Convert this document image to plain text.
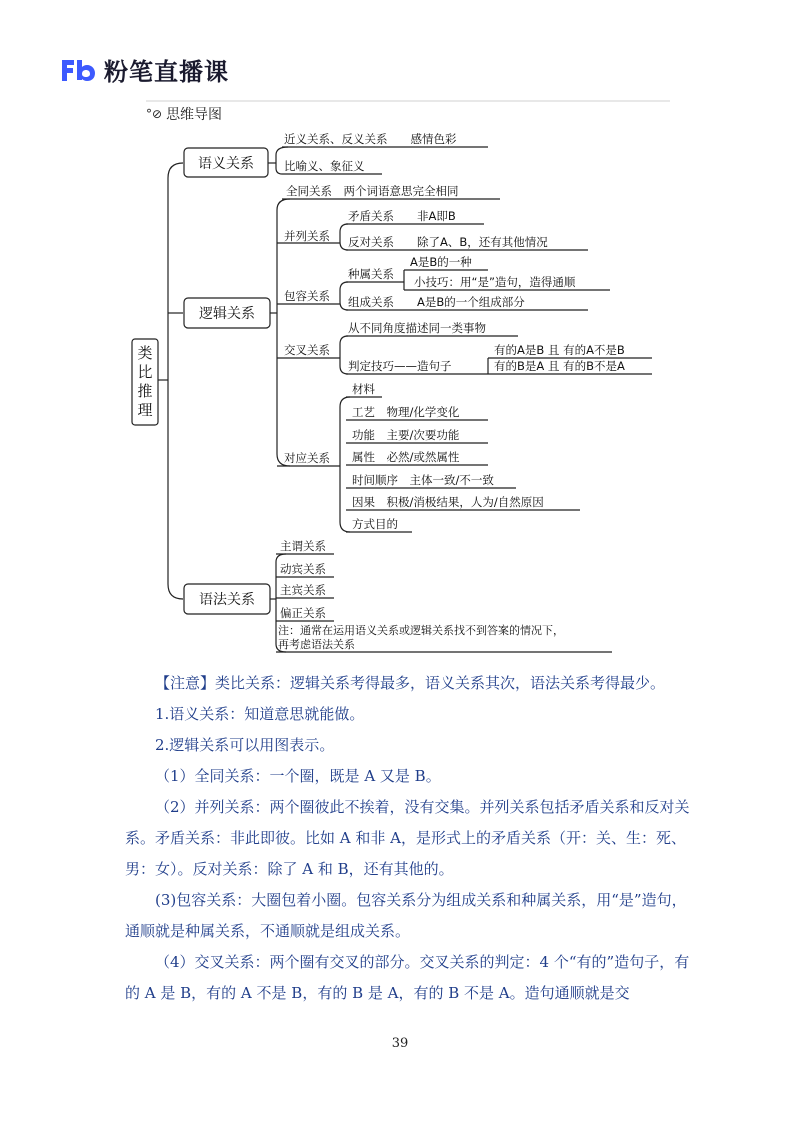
粉笔直播课
°⊘ 思维导图
类
比
推
理
语义关系
逻辑关系
语法关系
近义关系、反义关系　　感情色彩
比喻义、象征义
全同关系　两个词语意思完全相同
并列关系
矛盾关系　　非A即B
反对关系　　除了A、B，还有其他情况
包容关系
种属关系
A是B的一种
小技巧：用“是”造句，造得通顺
组成关系　　A是B的一个组成部分
交叉关系
从不同角度描述同一类事物
判定技巧——造句子
有的A是B 且 有的A不是B
有的B是A 且 有的B不是A
对应关系
材料
工艺　物理/化学变化
功能　主要/次要功能
属性　必然/或然属性
时间顺序　主体一致/不一致
因果　积极/消极结果，人为/自然原因
方式目的
主谓关系
动宾关系
主宾关系
偏正关系
注：通常在运用语义关系或逻辑关系找不到答案的情况下，
再考虑语法关系

【注意】类比关系：逻辑关系考得最多，语义关系其次，语法关系考得最少。

1.语义关系：知道意思就能做。

2.逻辑关系可以用图表示。

（1）全同关系：一个圈，既是 A 又是 B。

（2）并列关系：两个圈彼此不挨着，没有交集。并列关系包括矛盾关系和反对关系。矛盾关系：非此即彼。比如 A 和非 A，是形式上的矛盾关系（开：关、生：死、男：女）。反对关系：除了 A 和 B，还有其他的。

(3)包容关系：大圈包着小圈。包容关系分为组成关系和种属关系，用“是”造句，通顺就是种属关系，不通顺就是组成关系。

（4）交叉关系：两个圈有交叉的部分。交叉关系的判定：4 个“有的”造句子，有的 A 是 B，有的 A 不是 B，有的 B 是 A，有的 B 不是 A。造句通顺就是交

39
